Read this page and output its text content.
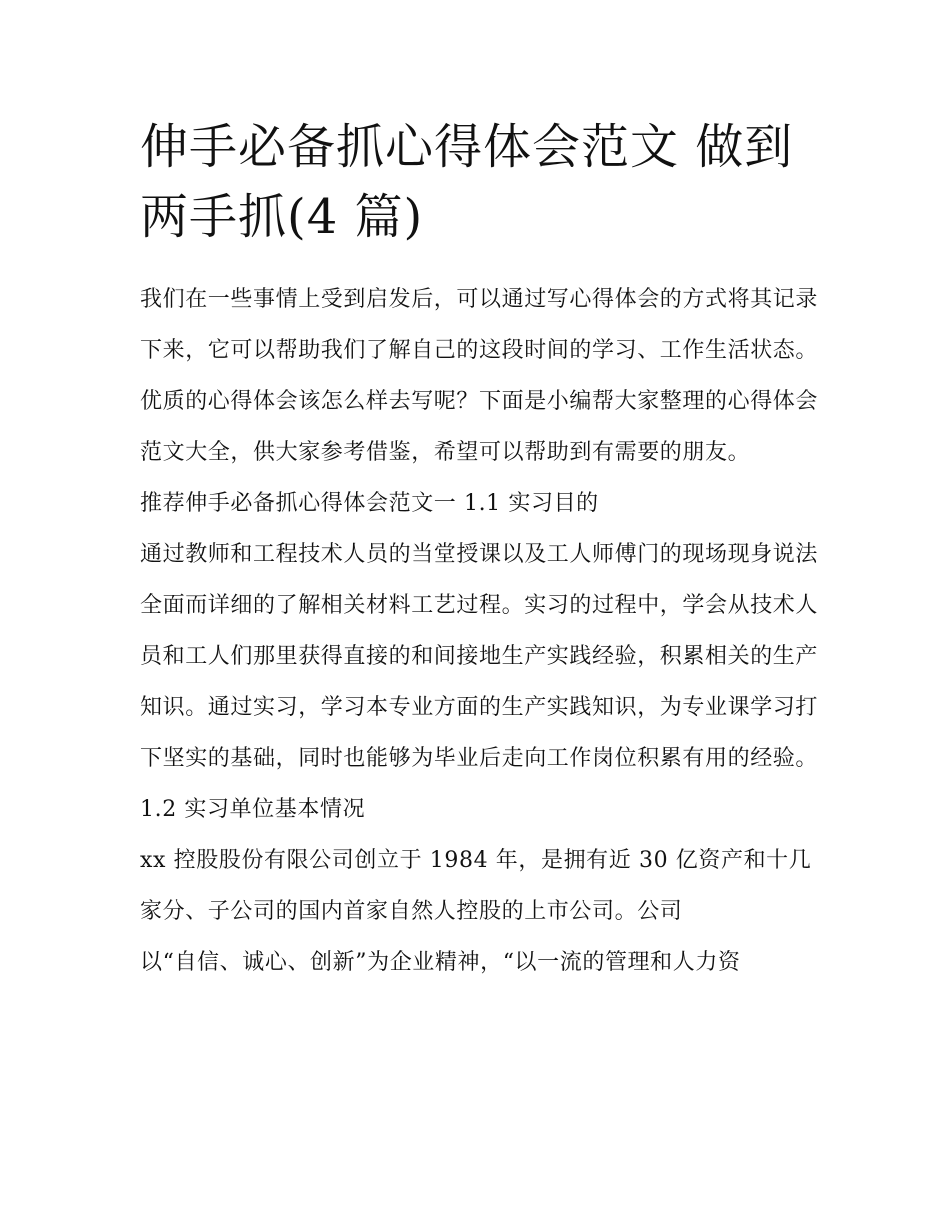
伸手必备抓心得体会范文 做到
两手抓(4 篇)

我们在一些事情上受到启发后，可以通过写心得体会的方式将其记录下来，它可以帮助我们了解自己的这段时间的学习、工作生活状态。优质的心得体会该怎么样去写呢？下面是小编帮大家整理的心得体会范文大全，供大家参考借鉴，希望可以帮助到有需要的朋友。

推荐伸手必备抓心得体会范文一 1.1 实习目的

通过教师和工程技术人员的当堂授课以及工人师傅门的现场现身说法全面而详细的了解相关材料工艺过程。实习的过程中，学会从技术人员和工人们那里获得直接的和间接地生产实践经验，积累相关的生产知识。通过实习，学习本专业方面的生产实践知识，为专业课学习打下坚实的基础，同时也能够为毕业后走向工作岗位积累有用的经验。

1.2 实习单位基本情况

xx 控股股份有限公司创立于 1984 年，是拥有近 30 亿资产和十几家分、子公司的国内首家自然人控股的上市公司。公司

以“自信、诚心、创新”为企业精神，“以一流的管理和人力资
